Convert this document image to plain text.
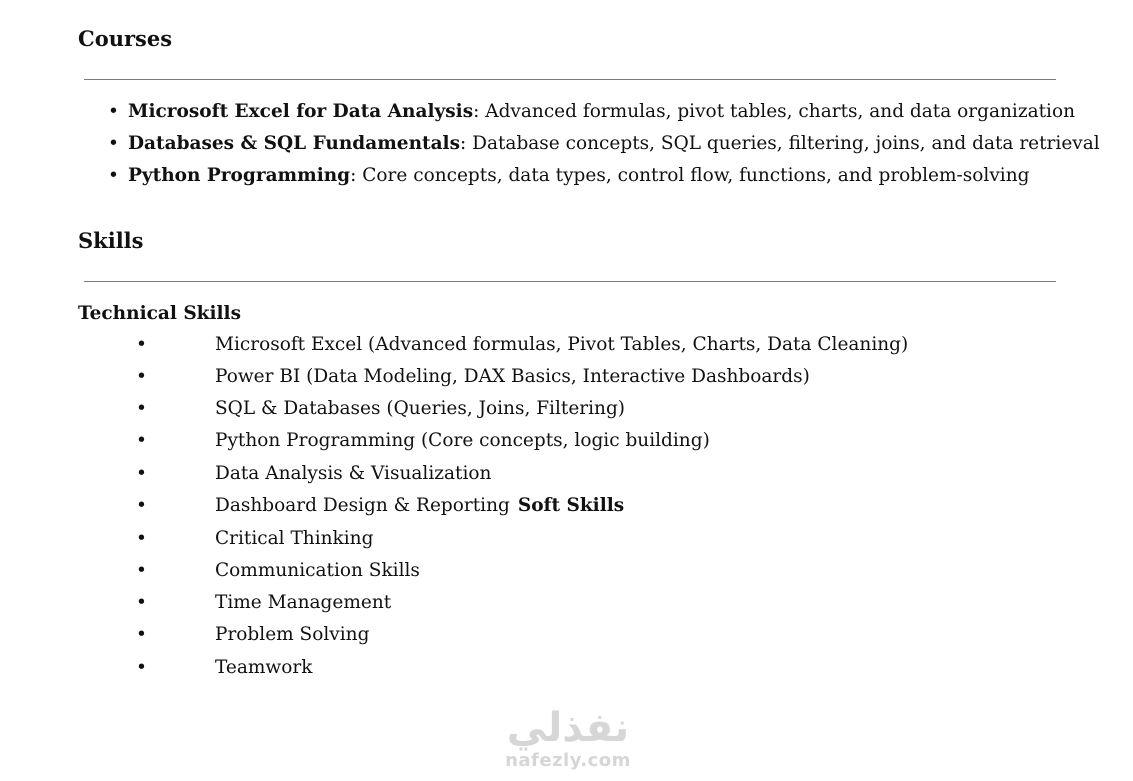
Courses
• Microsoft Excel for Data Analysis: Advanced formulas, pivot tables, charts, and data organization
• Databases & SQL Fundamentals: Database concepts, SQL queries, filtering, joins, and data retrieval
• Python Programming: Core concepts, data types, control flow, functions, and problem-solving
Skills
Technical Skills
•	Microsoft Excel (Advanced formulas, Pivot Tables, Charts, Data Cleaning)
•	Power BI (Data Modeling, DAX Basics, Interactive Dashboards)
•	SQL & Databases (Queries, Joins, Filtering)
•	Python Programming (Core concepts, logic building)
•	Data Analysis & Visualization
•	Dashboard Design & Reporting Soft Skills
•	Critical Thinking
•	Communication Skills
•	Time Management
•	Problem Solving
•	Teamwork
نفذلي
nafezly.com
